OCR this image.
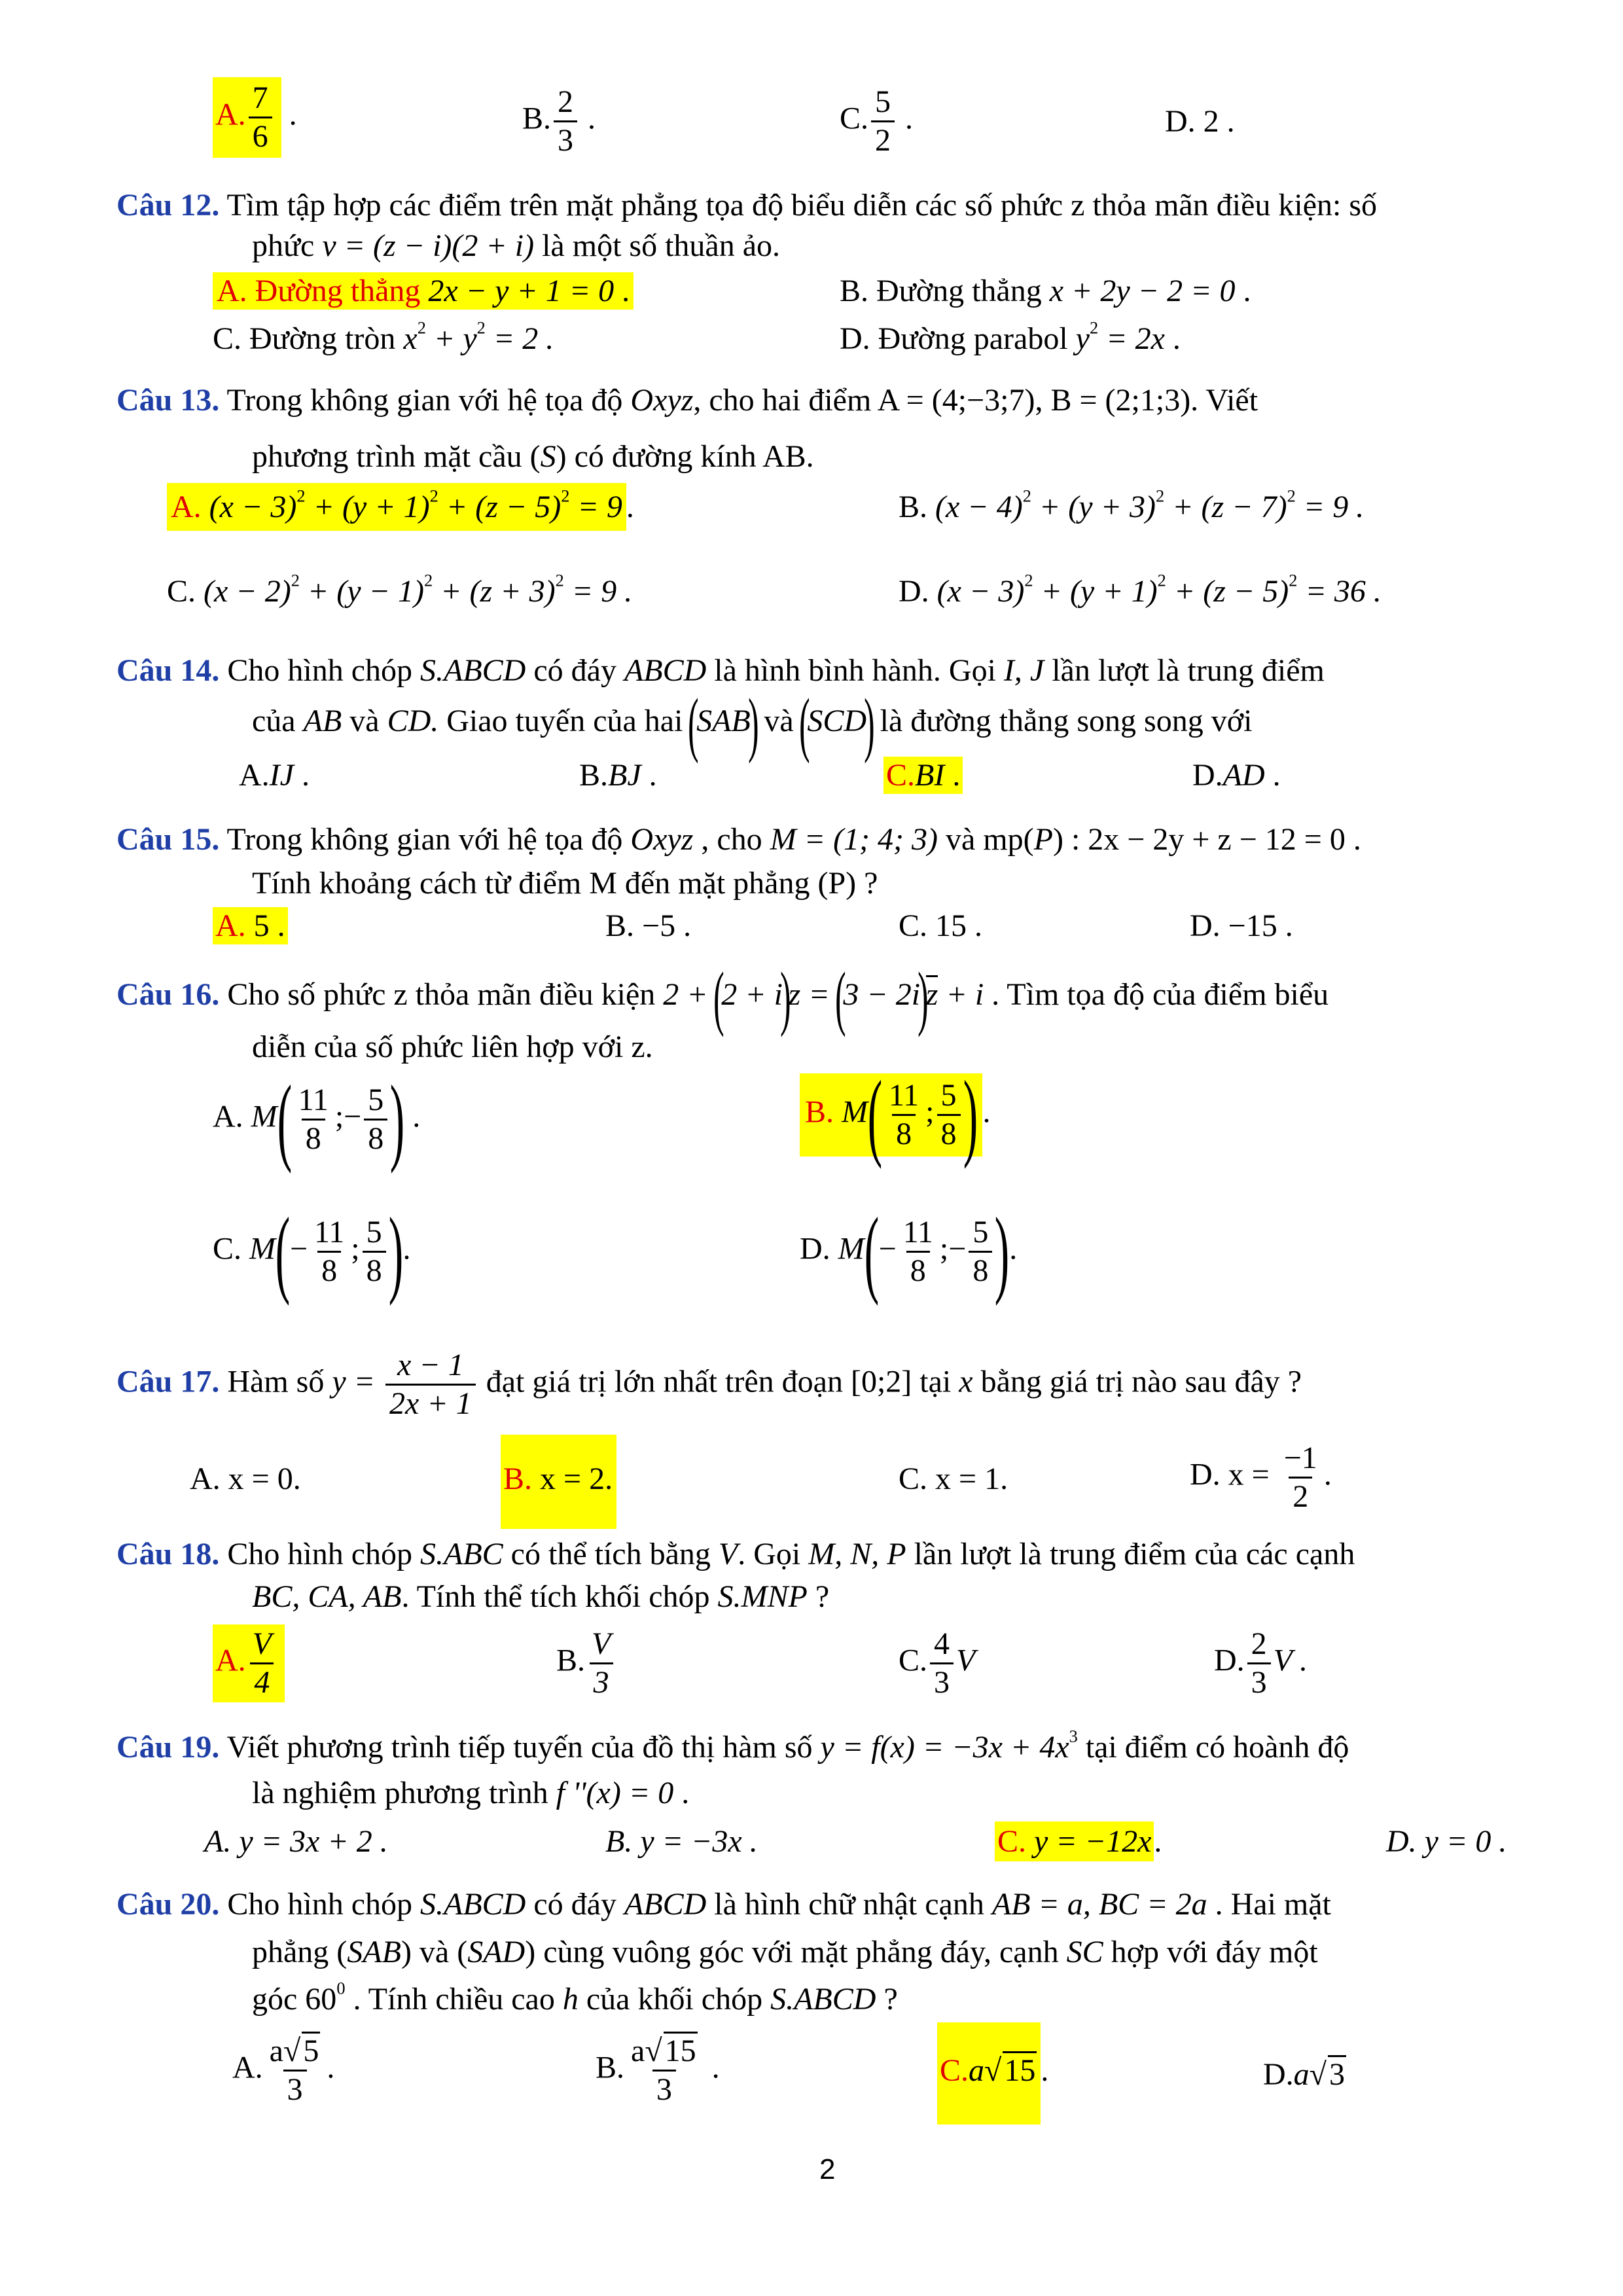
A. $\frac{7}{6}$ .	B. $\frac{2}{3}$ .	C. $\frac{5}{2}$ .	D. 2 .
Câu 12. Tìm tập hợp các điểm trên mặt phẳng tọa độ biểu diễn các số phức z thỏa mãn điều kiện: số
phức v = (z − i)(2 + i) là một số thuần ảo.
A. Đường thẳng 2x − y + 1 = 0 .	B. Đường thẳng x + 2y − 2 = 0 .
C. Đường tròn $x^2 + y^2 = 2$ .	D. Đường parabol $y^2 = 2x$ .
Câu 13. Trong không gian với hệ tọa độ Oxyz, cho hai điểm A = (4;−3;7), B = (2;1;3). Viết
phương trình mặt cầu (S) có đường kính AB.
A. $(x - 3)^2 + (y + 1)^2 + (z - 5)^2 = 9$ .	B. $(x - 4)^2 + (y + 3)^2 + (z - 7)^2 = 9$ .
C. $(x - 2)^2 + (y - 1)^2 + (z + 3)^2 = 9$ .	D. $(x - 3)^2 + (y + 1)^2 + (z - 5)^2 = 36$ .
Câu 14. Cho hình chóp S.ABCD có đáy ABCD là hình bình hành. Gọi I, J lần lượt là trung điểm
của AB và CD. Giao tuyến của hai (SAB) và (SCD) là đường thẳng song song với
A.IJ .	B.BJ .	C.BI .	D.AD .
Câu 15. Trong không gian với hệ tọa độ Oxyz , cho M = (1; 4; 3) và mp(P) : 2x − 2y + z − 12 = 0 .
Tính khoảng cách từ điểm M đến mặt phẳng (P) ?
A. 5 .	B. −5 .	C. 15 .	D. −15 .
Câu 16. Cho số phức z thỏa mãn điều kiện 2 + (2 + i)z = (3 − 2i)z + i . Tìm tọa độ của điểm biểu
diễn của số phức liên hợp với z.
A. $M( \frac{11}{8}$ ;− $\frac{5}{8}$ ) .	B. $M( \frac{11}{8}$ ; $\frac{5}{8}$ ) .
C. $M(- \frac{11}{8}$ ; $\frac{5}{8}$ ).	D. $M(- \frac{11}{8}$ ;− $\frac{5}{8}$ ).
Câu 17. Hàm số $y = \frac{x - 1}{2x + 1}$ đạt giá trị lớn nhất trên đoạn [0;2] tại x bằng giá trị nào sau đây ?
A. x = 0.	B. x = 2.	C. x = 1.	D. $x = \frac{-1}{2}$ .
Câu 18. Cho hình chóp S.ABC có thể tích bằng V. Gọi M, N, P lần lượt là trung điểm của các cạnh
BC, CA, AB. Tính thể tích khối chóp S.MNP ?
A. $\frac{V}{4}$	B. $\frac{V}{3}$	C. $\frac{4}{3}$ V	D. $\frac{2}{3}$ V .
Câu 19. Viết phương trình tiếp tuyến của đồ thị hàm số $y = f(x) = -3x + 4x^3$ tại điểm có hoành độ
là nghiệm phương trình f ''(x) = 0 .
A. y = 3x + 2 .	B. y = −3x .	C. y = −12x.	D. y = 0 .
Câu 20. Cho hình chóp S.ABCD có đáy ABCD là hình chữ nhật cạnh AB = a, BC = 2a . Hai mặt
phẳng (SAB) và (SAD) cùng vuông góc với mặt phẳng đáy, cạnh SC hợp với đáy một
góc $60^0$ . Tính chiều cao h của khối chóp S.ABCD ?
A. $\frac{a√5}{3}$ .	B. $\frac{a√15}{3}$ .	C.a√15 .	D.a√3
2
